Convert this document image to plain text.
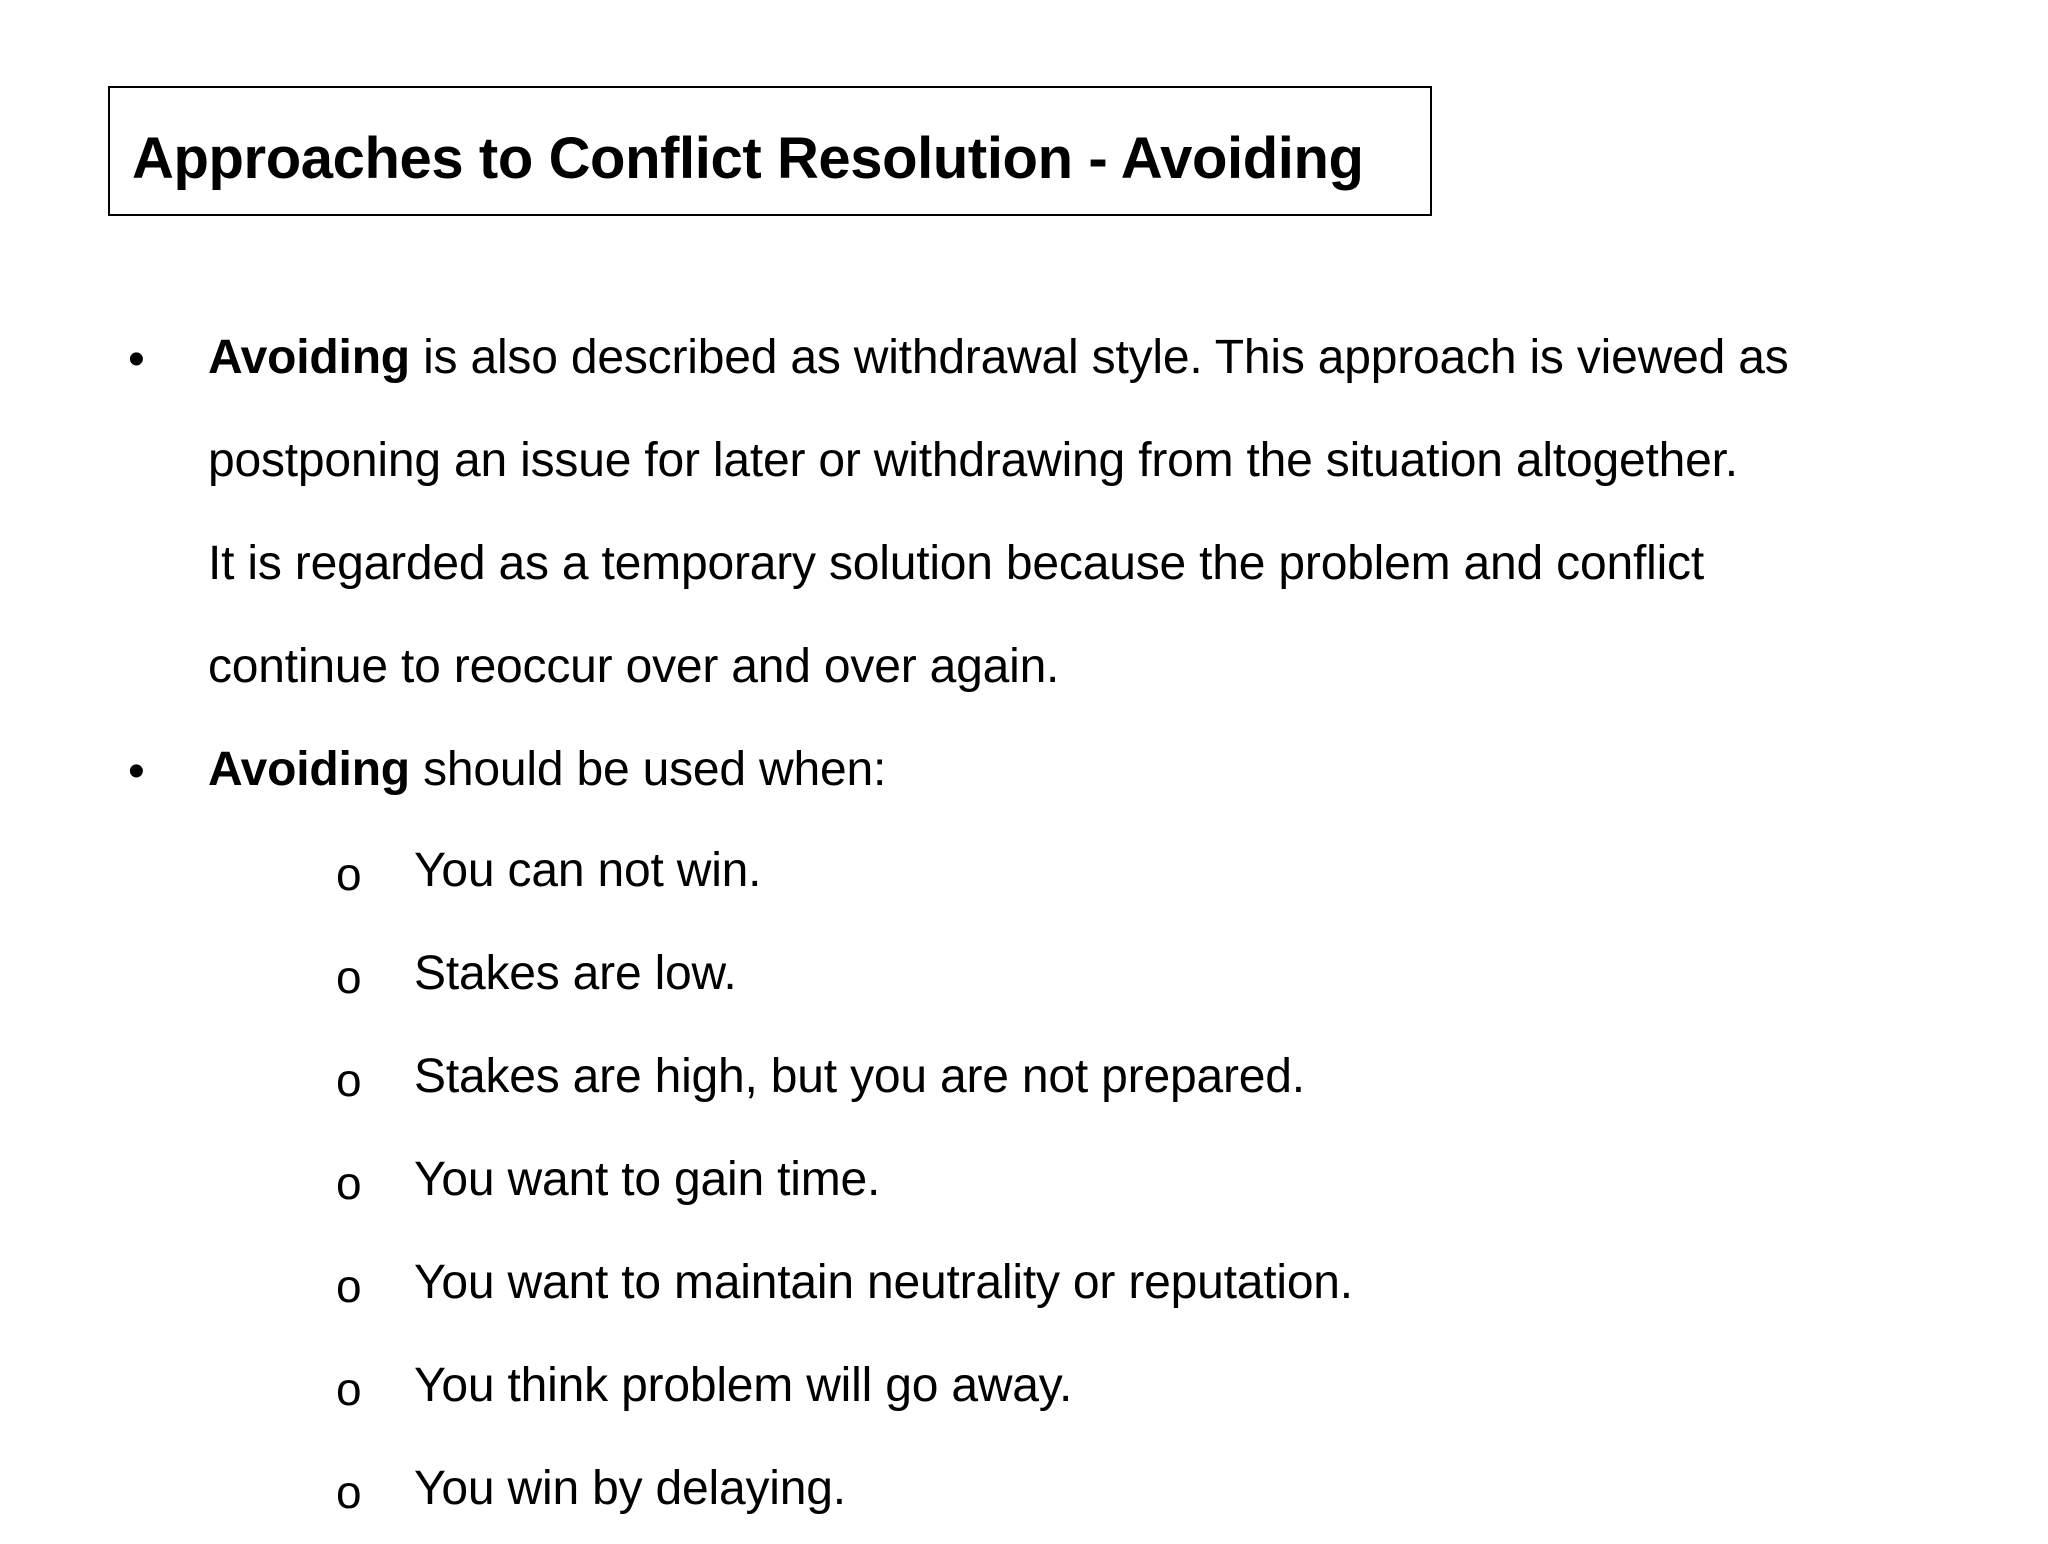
Approaches to Conflict Resolution - Avoiding
• Avoiding is also described as withdrawal style. This approach is viewed as
postponing an issue for later or withdrawing from the situation altogether.
It is regarded as a temporary solution because the problem and conflict
continue to reoccur over and over again.
• Avoiding should be used when:
o You can not win.
o Stakes are low.
o Stakes are high, but you are not prepared.
o You want to gain time.
o You want to maintain neutrality or reputation.
o You think problem will go away.
o You win by delaying.
